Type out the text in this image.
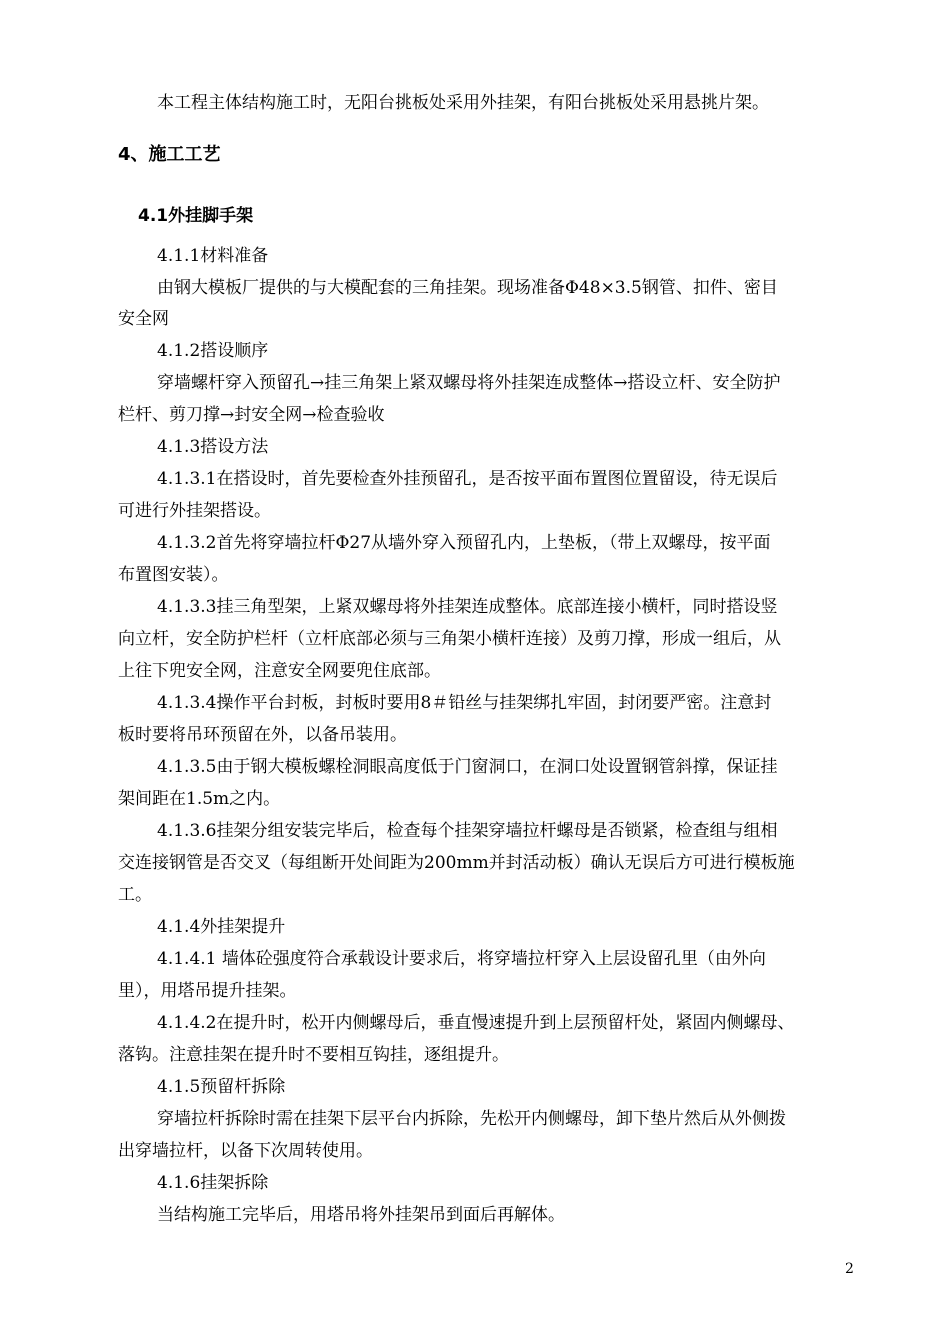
本工程主体结构施工时，无阳台挑板处采用外挂架，有阳台挑板处采用悬挑片架。
4、施工工艺
4.1外挂脚手架
4.1.1材料准备
由钢大模板厂提供的与大模配套的三角挂架。现场准备Φ48×3.5钢管、扣件、密目
安全网
4.1.2搭设顺序
穿墙螺杆穿入预留孔→挂三角架上紧双螺母将外挂架连成整体→搭设立杆、安全防护
栏杆、剪刀撑→封安全网→检查验收
4.1.3搭设方法
4.1.3.1在搭设时，首先要检查外挂预留孔，是否按平面布置图位置留设，待无误后
可进行外挂架搭设。
4.1.3.2首先将穿墙拉杆Φ27从墙外穿入预留孔内，上垫板，（带上双螺母，按平面
布置图安装）。
4.1.3.3挂三角型架，上紧双螺母将外挂架连成整体。底部连接小横杆，同时搭设竖
向立杆，安全防护栏杆（立杆底部必须与三角架小横杆连接）及剪刀撑，形成一组后，从
上往下兜安全网，注意安全网要兜住底部。
4.1.3.4操作平台封板，封板时要用8＃铅丝与挂架绑扎牢固，封闭要严密。注意封
板时要将吊环预留在外，以备吊装用。
4.1.3.5由于钢大模板螺栓洞眼高度低于门窗洞口，在洞口处设置钢管斜撑，保证挂
架间距在1.5m之内。
4.1.3.6挂架分组安装完毕后，检查每个挂架穿墙拉杆螺母是否锁紧，检查组与组相
交连接钢管是否交叉（每组断开处间距为200mm并封活动板）确认无误后方可进行模板施
工。
4.1.4外挂架提升
4.1.4.1 墙体砼强度符合承载设计要求后，将穿墙拉杆穿入上层设留孔里（由外向
里），用塔吊提升挂架。
4.1.4.2在提升时，松开内侧螺母后，垂直慢速提升到上层预留杆处，紧固内侧螺母、
落钩。注意挂架在提升时不要相互钩挂，逐组提升。
4.1.5预留杆拆除
穿墙拉杆拆除时需在挂架下层平台内拆除，先松开内侧螺母，卸下垫片然后从外侧拨
出穿墙拉杆，以备下次周转使用。
4.1.6挂架拆除
当结构施工完毕后，用塔吊将外挂架吊到面后再解体。
2
